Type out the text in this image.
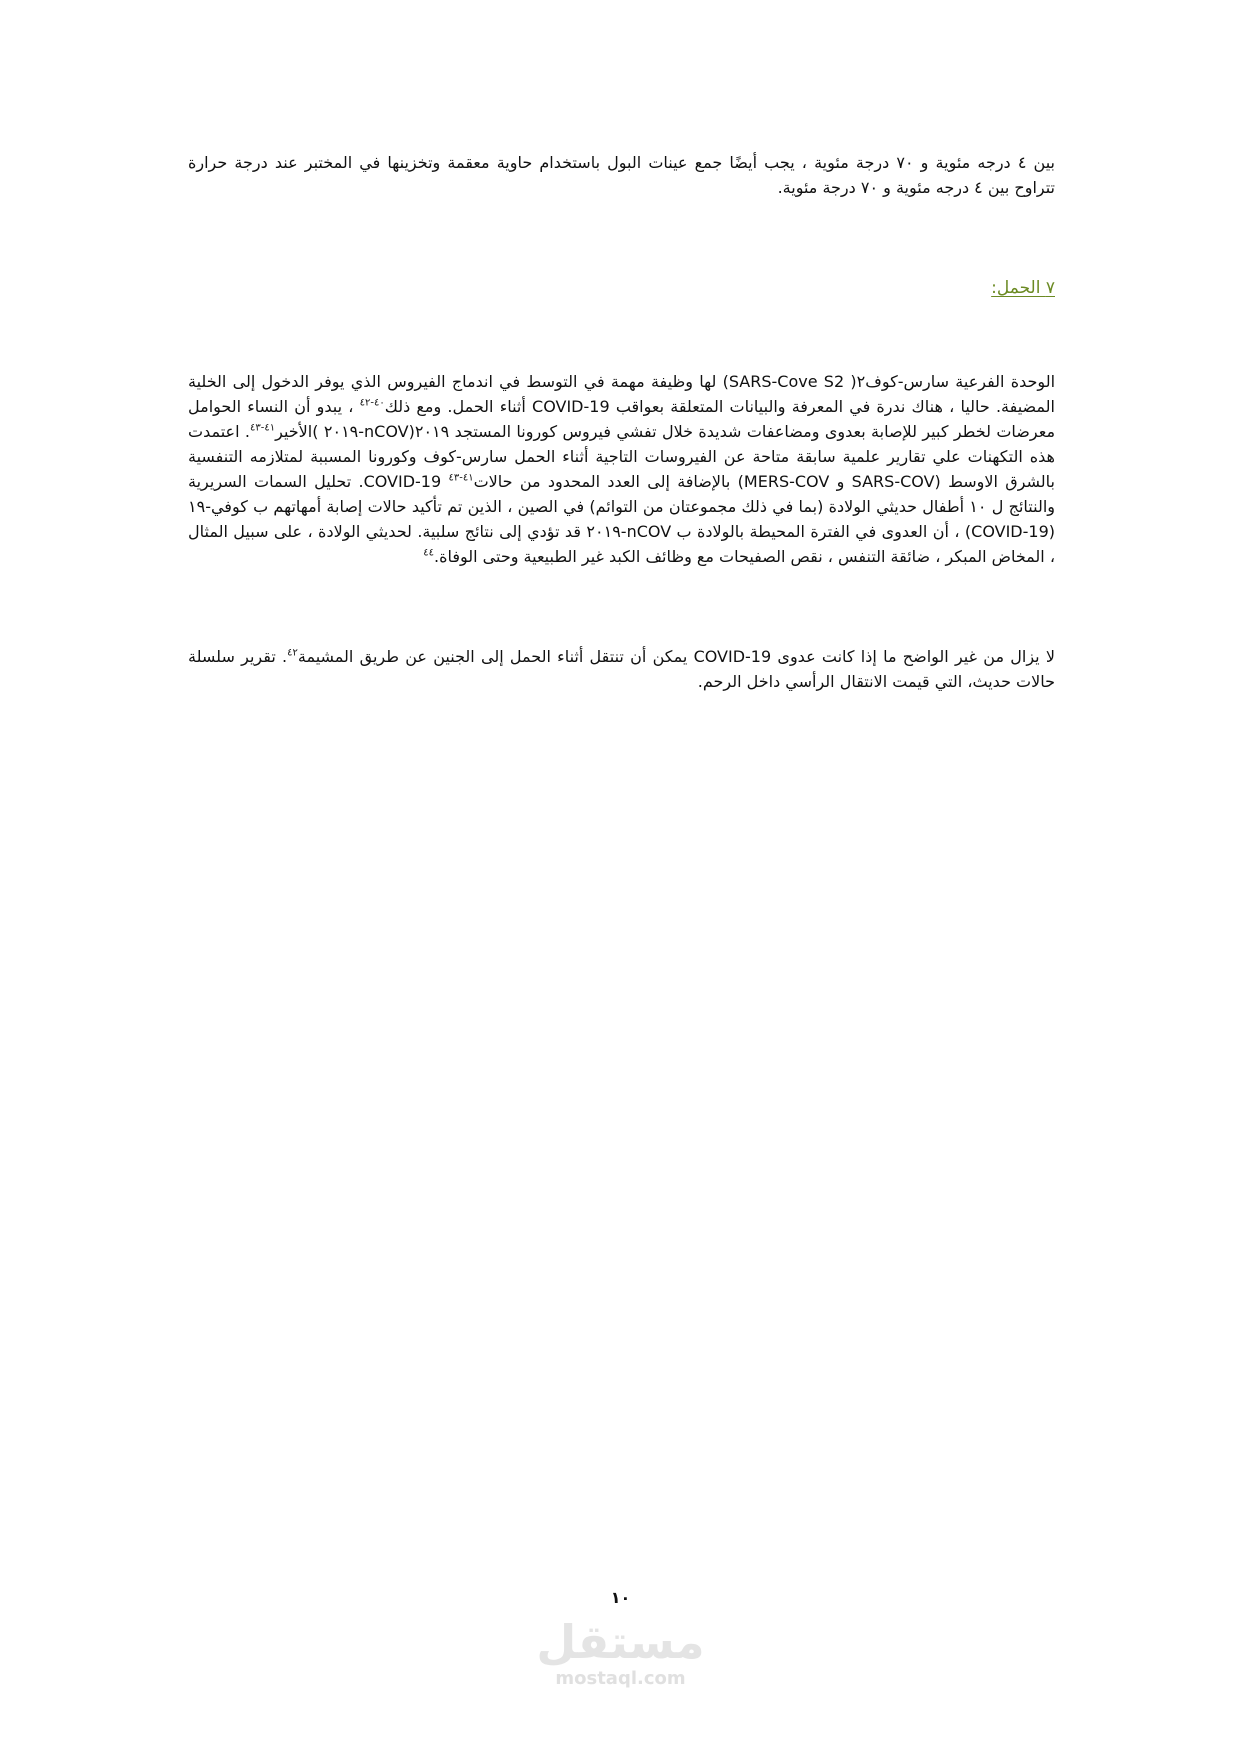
بين ٤ درجه مئوية و ٧٠ درجة مئوية ، يجب أيضًا جمع عينات البول باستخدام حاوية معقمة وتخزينها في المختبر عند درجة حرارة تتراوح بين ٤ درجه مئوية و ٧٠ درجة مئوية.

٧ الحمل:

الوحدة الفرعية سارس-كوف٢( SARS-Cove S2) لها وظيفة مهمة في التوسط في اندماج الفيروس الذي يوفر الدخول إلى الخلية المضيفة. حاليا ، هناك ندرة في المعرفة والبيانات المتعلقة بعواقب COVID-19 أثناء الحمل. ومع ذلك$^{٤٠-٤٢}$ ، يبدو أن النساء الحوامل معرضات لخطر كبير للإصابة بعدوى ومضاعفات شديدة خلال تفشي فيروس كورونا المستجد ٢٠١٩(nCOV-٢٠١٩ )الأخير$^{٤١-٤٣}$. اعتمدت هذه التكهنات علي تقارير علمية سابقة متاحة عن الفيروسات التاجية أثناء الحمل سارس-كوف وكورونا المسببة لمتلازمه التنفسية بالشرق الاوسط (SARS-COV و MERS-COV) بالإضافة إلى العدد المحدود من حالات$^{٤١-٤٣}$ COVID-19. تحليل السمات السريرية والنتائج ل ١٠ أطفال حديثي الولادة (بما في ذلك مجموعتان من التوائم) في الصين ، الذين تم تأكيد حالات إصابة أمهاتهم ب كوفي-١٩ (COVID-19) ، أن العدوى في الفترة المحيطة بالولادة ب nCOV-٢٠١٩ قد تؤدي إلى نتائج سلبية. لحديثي الولادة ، على سبيل المثال ، المخاض المبكر ، ضائقة التنفس ، نقص الصفيحات مع وظائف الكبد غير الطبيعية وحتى الوفاة.$^{٤٤}$

لا يزال من غير الواضح ما إذا كانت عدوى COVID-19 يمكن أن تنتقل أثناء الحمل إلى الجنين عن طريق المشيمة$^{٤٢}$. تقرير سلسلة حالات حديث، التي قيمت الانتقال الرأسي داخل الرحم.

١٠
مستقل
mostaql.com
